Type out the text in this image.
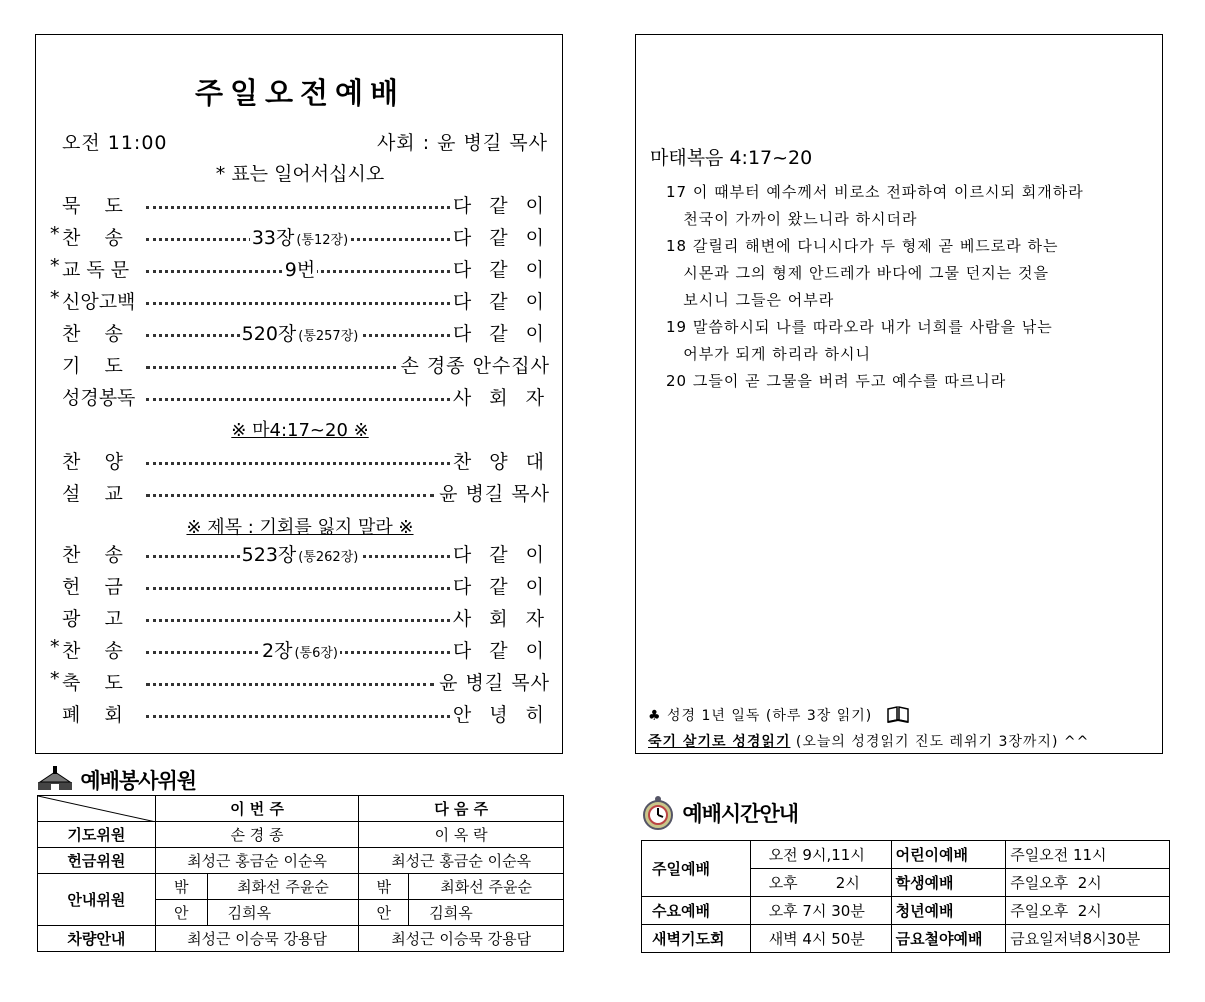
주일오전예배
오전 11:00	사회 : 윤 병길 목사
* 표는 일어서십시오
묵    도	다 같 이
* 찬    송	33장 (통12장)	다 같 이
* 교 독 문	9번	다 같 이
* 신앙고백	다 같 이
찬    송	520장 (통257장)	다 같 이
기    도	손 경종 안수집사
성경봉독	사 회 자
찬    양	찬 양 대
설    교	윤 병길 목사
찬    송	523장 (통262장)	다 같 이
헌    금	다 같 이
광    고	사 회 자
* 찬    송	2장 (통6장)	다 같 이
* 축    도	윤 병길 목사
폐    회	안 녕 히
※ 마4:17~20 ※
※ 제목 : 기회를 잃지 말라 ※
마태복음 4:17~20
17 이 때부터 예수께서 비로소 전파하여 이르시되 회개하라
천국이 가까이 왔느니라 하시더라
18 갈릴리 해변에 다니시다가 두 형제 곧 베드로라 하는
시몬과 그의 형제 안드레가 바다에 그물 던지는 것을
보시니 그들은 어부라
19 말씀하시되 나를 따라오라 내가 너희를 사람을 낚는
어부가 되게 하리라 하시니
20 그들이 곧 그물을 버려 두고 예수를 따르니라
♣ 성경 1년 일독 (하루 3장 읽기)
죽기 살기로 성경읽기 (오늘의 성경읽기 진도 레위기 3장까지) ^^
예배봉사위원
	이 번 주		다 음 주	
기도위원	손 경 종		이 옥 락	
헌금위원	최성근 홍금순 이순옥		최성근 홍금순 이순옥	
안내위원	밖	최화선 주윤순	밖	최화선 주윤순
	안	김희옥	안	김희옥
차량안내	최성근 이승묵 강용담		최성근 이승묵 강용담	
예배시간안내
주일예배	오전 9시,11시	어린이예배	주일오전 11시
	오후        2시	학생예배	주일오후  2시
수요예배	오후 7시 30분	청년예배	주일오후  2시
새벽기도회	새벽 4시 50분	금요철야예배	금요일저녁8시30분
